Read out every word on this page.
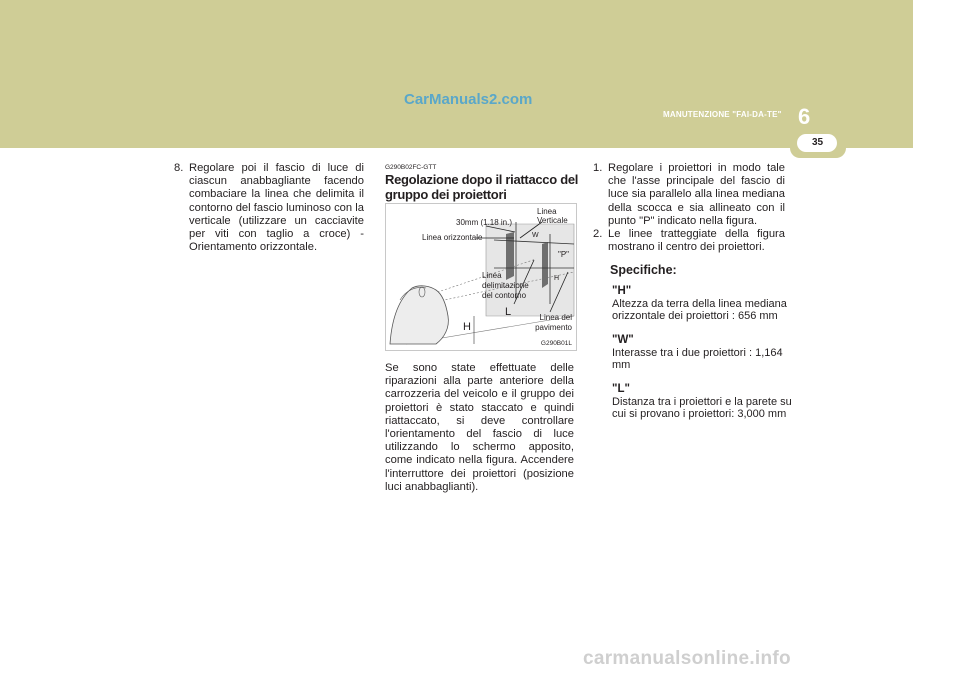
CarManuals2.com
MANUTENZIONE "FAI-DA-TE" 6
35
8. Regolare poi il fascio di luce di ciascun anabbagliante facendo combaciare la linea che delimita il contorno del fascio luminoso con la verticale (utilizzare un cacciavite per viti con taglio a croce) - Orientamento orizzontale.
G290B02FC-GTT
Regolazione dopo il riattacco del gruppo dei proiettori
Linea
Verticale
30mm (1.18 in.)
W
Linea orizzontale
"P"
Linea
delimitazione
del contorno
H
L	Linea del
pavimento
H
G290B01L
Se sono state effettuate delle riparazioni alla parte anteriore della carrozzeria del veicolo e il gruppo dei proiettori è stato staccato e quindi riattaccato, si deve controllare l'orientamento del fascio di luce utilizzando lo schermo apposito, come indicato nella figura. Accendere l'interruttore dei proiettori (posizione luci anabbaglianti).
1. Regolare i proiettori in modo tale che l'asse principale del fascio di luce sia parallelo alla linea mediana della scocca e sia allineato con il punto "P" indicato nella figura.
2. Le linee tratteggiate della figura mostrano il centro dei proiettori.
Specifiche:
"H"
Altezza da terra della linea mediana orizzontale dei proiettori : 656 mm
"W"
Interasse tra i due proiettori : 1,164 mm
"L"
Distanza tra i proiettori e la parete su cui si provano i proiettori: 3,000 mm
carmanualsonline.info
